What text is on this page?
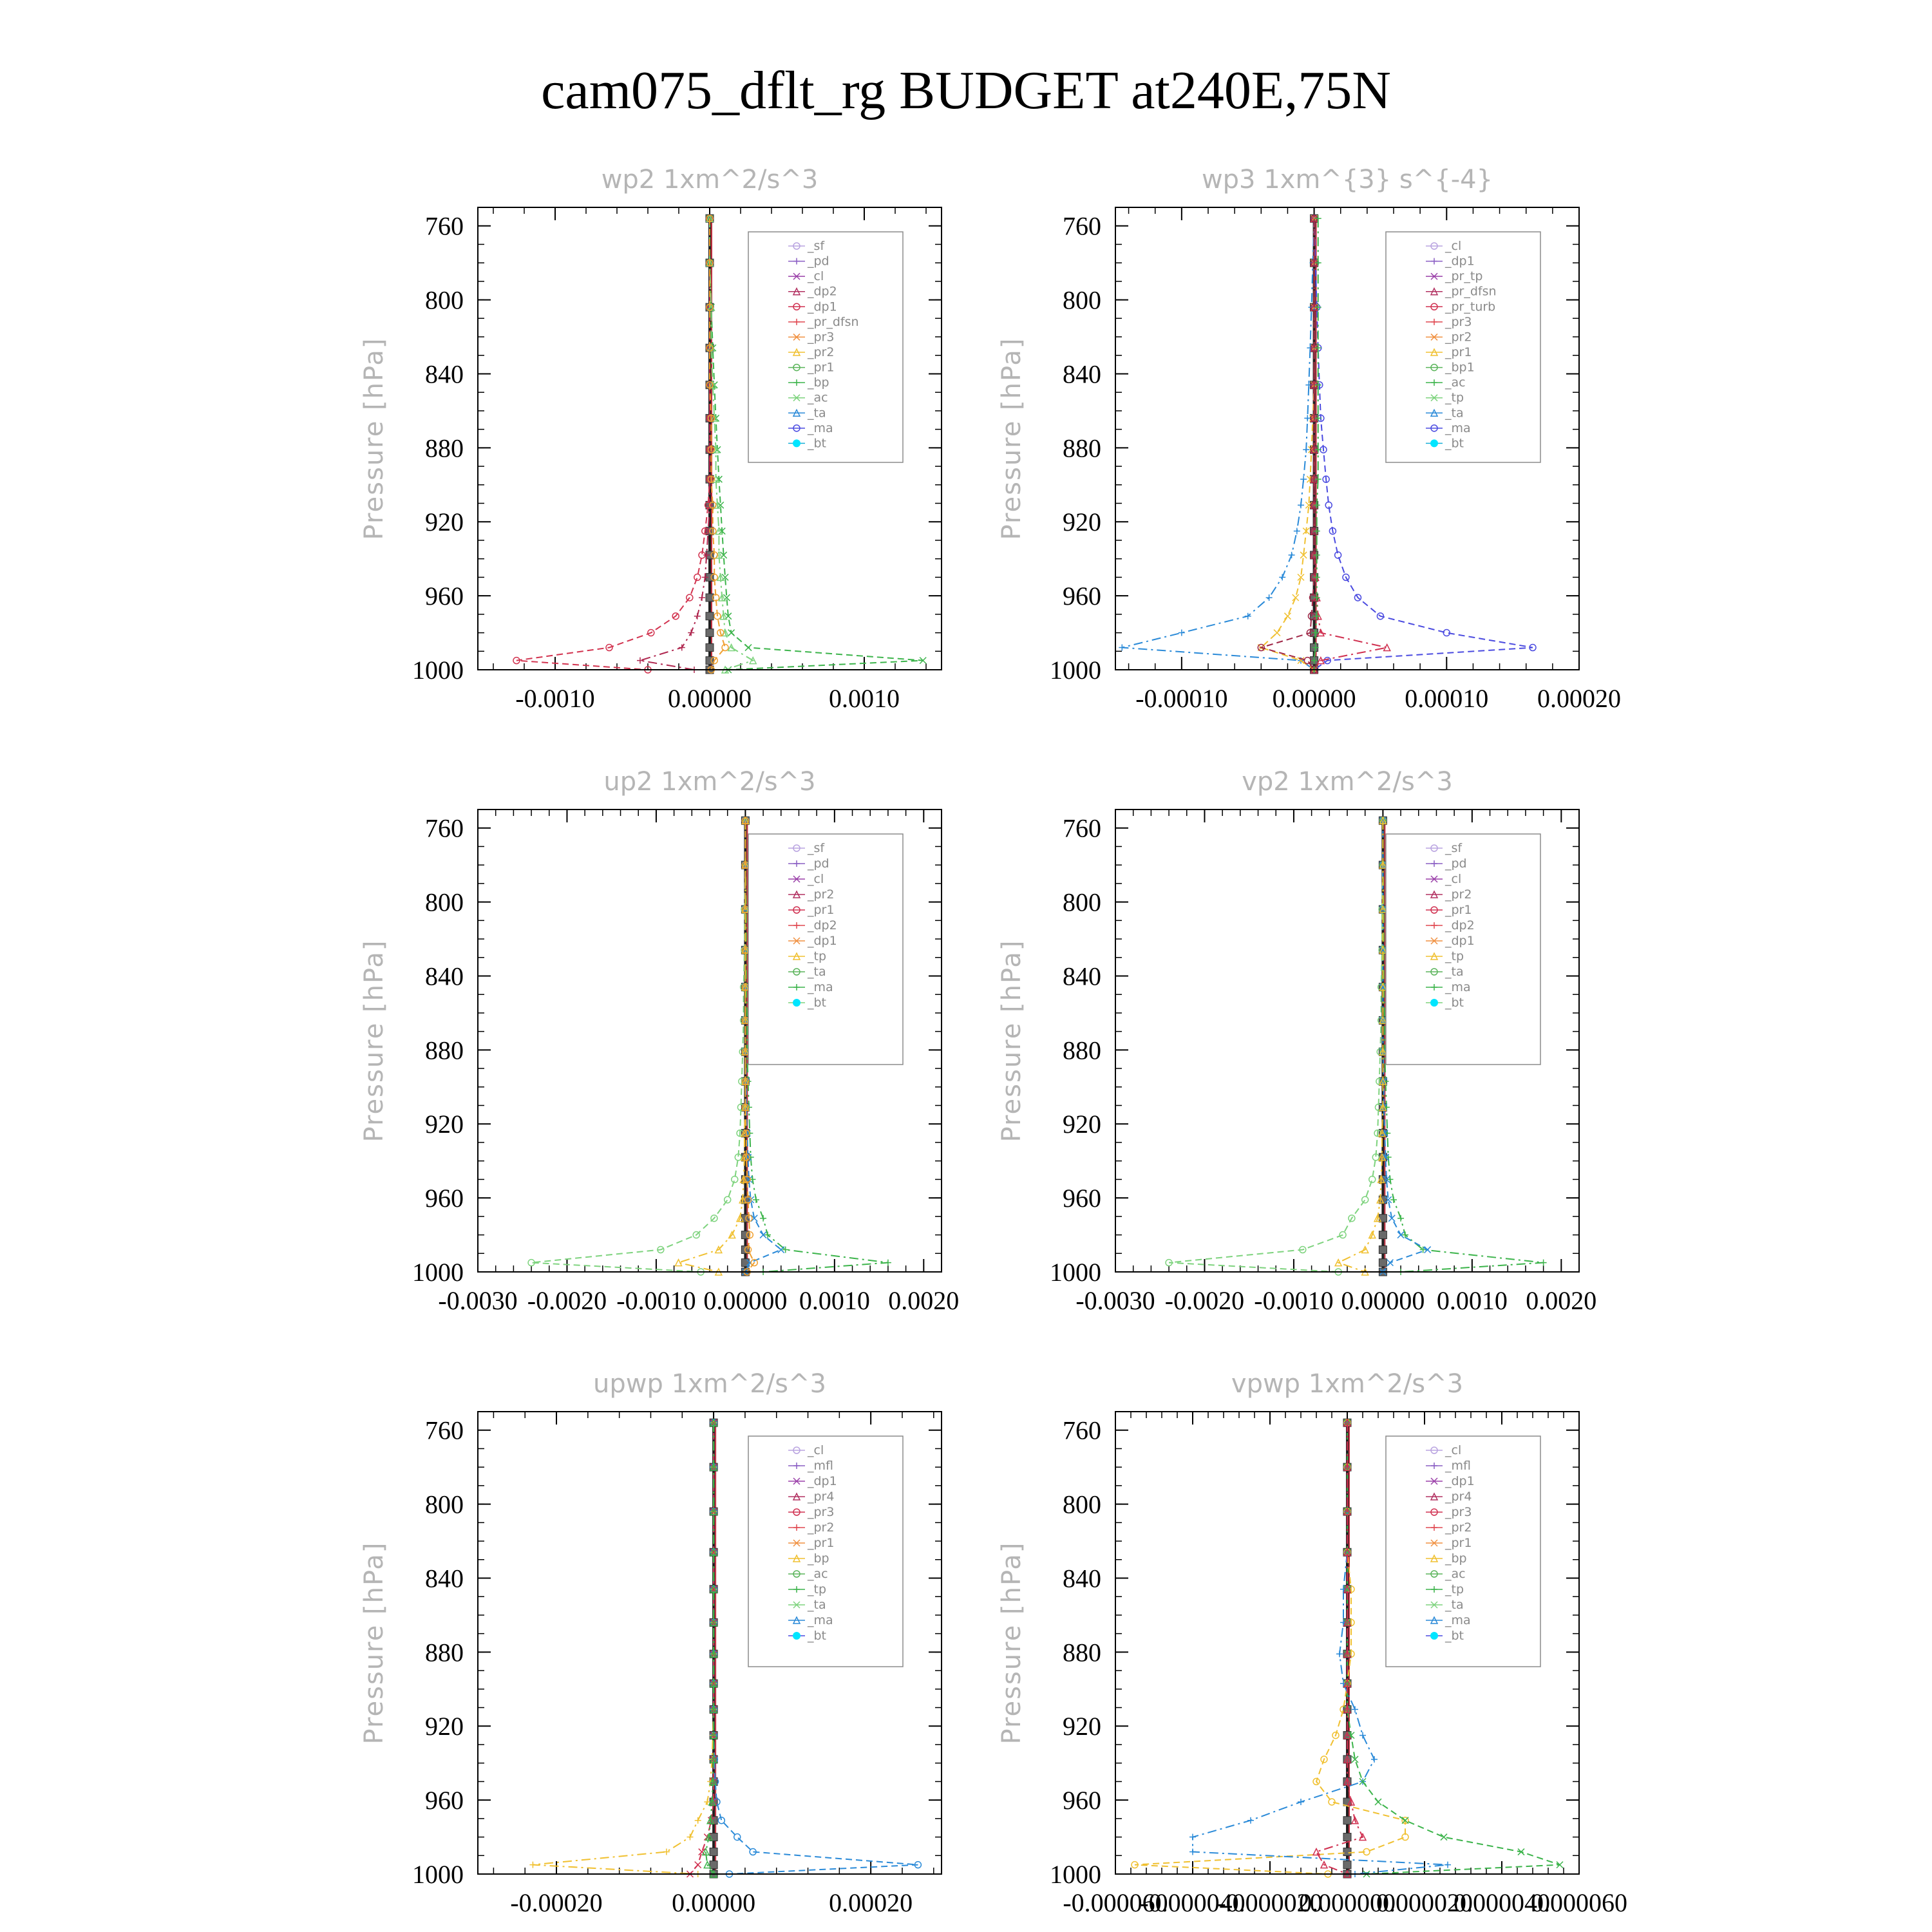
cam075_dflt_rg BUDGET at240E,75N
wp2 1xm^2/s^3
Pressure [hPa]
760
800
840
880
920
960
1000
-0.0010	0.00000	0.0010
_sf
_pd
_cl
_dp2
_dp1
_pr_dfsn
_pr3
_pr2
_pr1
_bp
_ac
_ta
_ma
_bt
wp3 1xm^{3} s^{-4}
Pressure [hPa]
760
800
840
880
920
960
1000
-0.00010 0.00000 0.00010 0.00020
_cl
_dp1
_pr_tp
_pr_dfsn
_pr_turb
_pr3
_pr2
_pr1
_bp1
_ac
_tp
_ta
_ma
_bt
up2 1xm^2/s^3
Pressure [hPa]
760
800
840
880
920
960
1000
-0.0030 -0.0020 -0.0010 0.00000 0.0010 0.0020
_sf
_pd
_cl
_pr2
_pr1
_dp2
_dp1
_tp
_ta
_ma
_bt
vp2 1xm^2/s^3
Pressure [hPa]
760
800
840
880
920
960
1000
-0.0030 -0.0020 -0.0010 0.00000 0.0010 0.0020
_sf
_pd
_cl
_pr2
_pr1
_dp2
_dp1
_tp
_ta
_ma
_bt
upwp 1xm^2/s^3
Pressure [hPa]
760
800
840
880
920
960
1000
-0.00020	0.00000	0.00020
_cl
_mfl
_dp1
_pr4
_pr3
_pr2
_pr1
_bp
_ac
_tp
_ta
_ma
_bt
vpwp 1xm^2/s^3
Pressure [hPa]
760
800
840
880
920
960
1000
-0.000060
-0.000040
-0.000020
0.000000
0.000020
0.000040
0.000060
_cl
_mfl
_dp1
_pr4
_pr3
_pr2
_pr1
_bp
_ac
_tp
_ta
_ma
_bt
